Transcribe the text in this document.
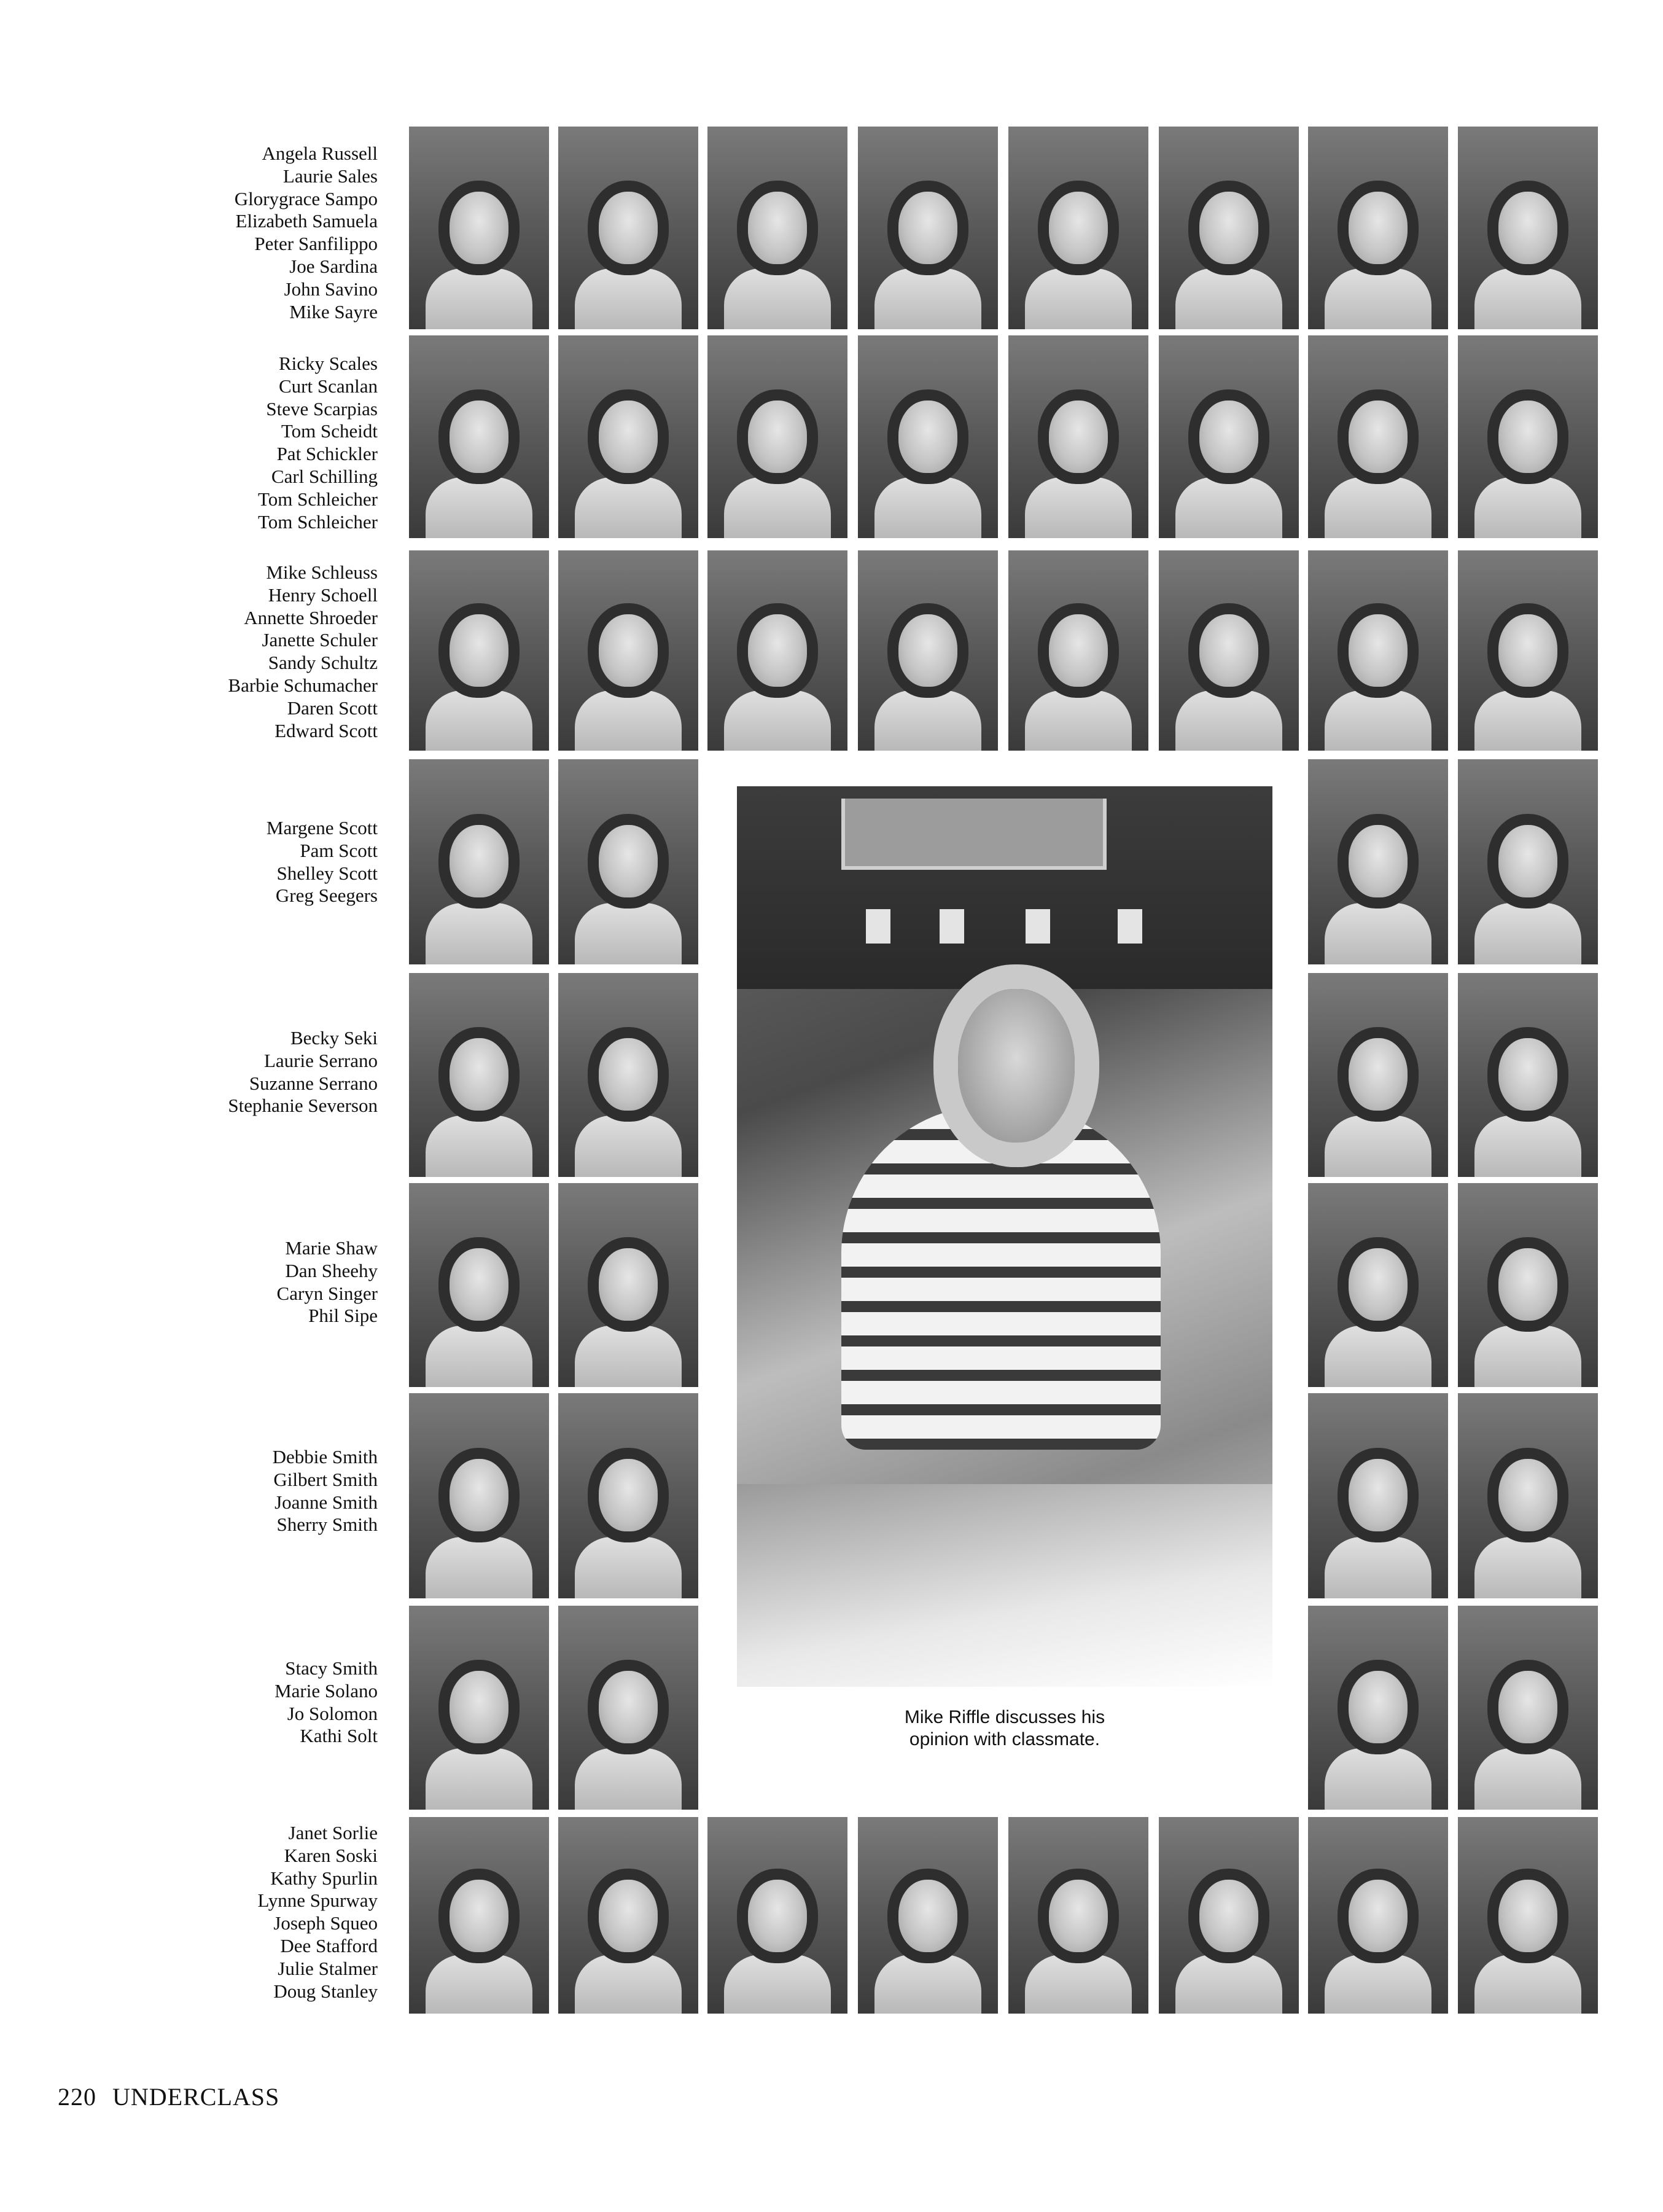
Angela Russell
Laurie Sales
Glorygrace Sampo
Elizabeth Samuela
Peter Sanfilippo
Joe Sardina
John Savino
Mike Sayre
Ricky Scales
Curt Scanlan
Steve Scarpias
Tom Scheidt
Pat Schickler
Carl Schilling
Tom Schleicher
Tom Schleicher
Mike Schleuss
Henry Schoell
Annette Shroeder
Janette Schuler
Sandy Schultz
Barbie Schumacher
Daren Scott
Edward Scott
Margene Scott
Pam Scott
Shelley Scott
Greg Seegers
Becky Seki
Laurie Serrano
Suzanne Serrano
Stephanie Severson
Marie Shaw
Dan Sheehy
Caryn Singer
Phil Sipe
Debbie Smith
Gilbert Smith
Joanne Smith
Sherry Smith
Stacy Smith
Marie Solano
Jo Solomon
Kathi Solt
Janet Sorlie
Karen Soski
Kathy Spurlin
Lynne Spurway
Joseph Squeo
Dee Stafford
Julie Stalmer
Doug Stanley
Mike Riffle discusses his
opinion with classmate.
220 UNDERCLASS
